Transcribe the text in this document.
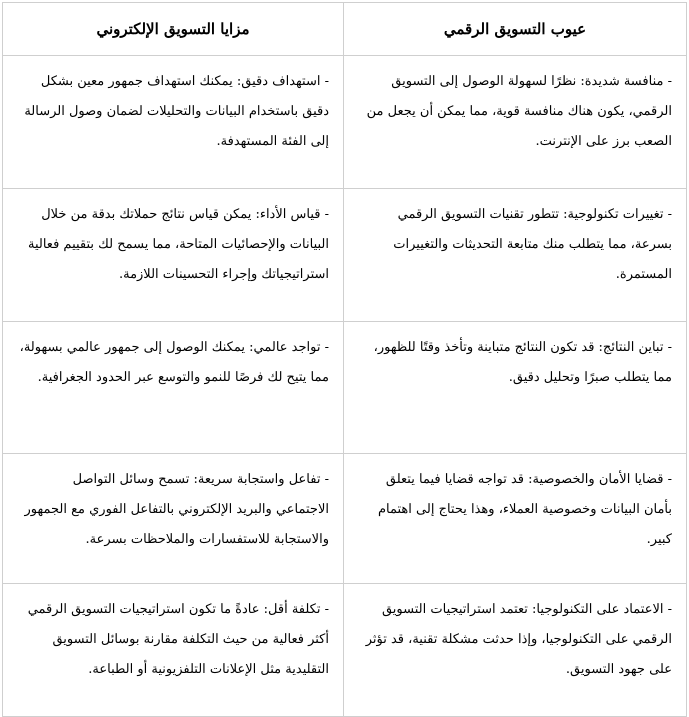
عيوب التسويق الرقمي	مزايا التسويق الإلكتروني
- منافسة شديدة: نظرًا لسهولة الوصول إلى التسويق الرقمي، يكون هناك منافسة قوية، مما يمكن أن يجعل من الصعب برز على الإنترنت.	- استهداف دقيق: يمكنك استهداف جمهور معين بشكل دقيق باستخدام البيانات والتحليلات لضمان وصول الرسالة إلى الفئة المستهدفة.
- تغييرات تكنولوجية: تتطور تقنيات التسويق الرقمي بسرعة، مما يتطلب منك متابعة التحديثات والتغييرات المستمرة.	- قياس الأداء: يمكن قياس نتائج حملاتك بدقة من خلال البيانات والإحصائيات المتاحة، مما يسمح لك بتقييم فعالية استراتيجياتك وإجراء التحسينات اللازمة.
- تباين النتائج: قد تكون النتائج متباينة وتأخذ وقتًا للظهور، مما يتطلب صبرًا وتحليل دقيق.	- تواجد عالمي: يمكنك الوصول إلى جمهور عالمي بسهولة، مما يتيح لك فرصًا للنمو والتوسع عبر الحدود الجغرافية.
- قضايا الأمان والخصوصية: قد تواجه قضايا فيما يتعلق بأمان البيانات وخصوصية العملاء، وهذا يحتاج إلى اهتمام كبير.	- تفاعل واستجابة سريعة: تسمح وسائل التواصل الاجتماعي والبريد الإلكتروني بالتفاعل الفوري مع الجمهور والاستجابة للاستفسارات والملاحظات بسرعة.
- الاعتماد على التكنولوجيا: تعتمد استراتيجيات التسويق الرقمي على التكنولوجيا، وإذا حدثت مشكلة تقنية، قد تؤثر على جهود التسويق.	- تكلفة أقل: عادةً ما تكون استراتيجيات التسويق الرقمي أكثر فعالية من حيث التكلفة مقارنة بوسائل التسويق التقليدية مثل الإعلانات التلفزيونية أو الطباعة.
